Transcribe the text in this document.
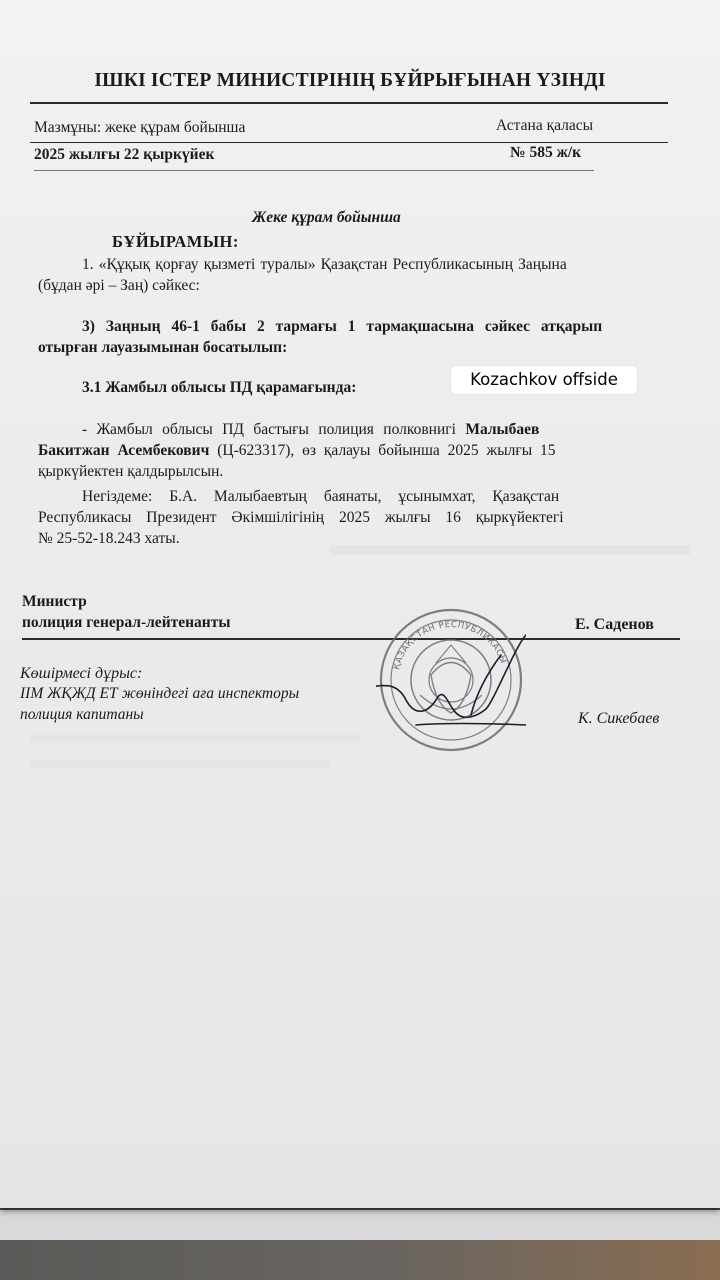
ІШКІ ІСТЕР МИНИСТІРІНІҢ БҰЙРЫҒЫНАН ҮЗІНДІ
Мазмұны: жеке құрам бойынша	Астана қаласы
2025 жылғы 22 қыркүйек	№ 585 ж/к
Жеке құрам бойынша
БҰЙЫРАМЫН:
1. «Құқық қорғау қызметі туралы» Қазақстан Республикасының Заңына
(бұдан әрі – Заң) сәйкес:
3) Заңның 46-1 бабы 2 тармағы 1 тармақшасына сәйкес атқарып
отырған лауазымынан босатылып:
3.1 Жамбыл облысы ПД қарамағында:
- Жамбыл облысы ПД бастығы полиция полковнигі Малыбаев
Бакитжан Асембекович (Ц-623317), өз қалауы бойынша 2025 жылғы 15
қыркүйектен қалдырылсын.
Негіздеме: Б.А. Малыбаевтың баянаты, ұсынымхат, Қазақстан
Республикасы Президент Әкімшілігінің 2025 жылғы 16 қыркүйектегі
№ 25-52-18.243 хаты.
Министр
полиция генерал-лейтенанты	Е. Саденов
Көшірмесі дұрыс:
ІІМ ЖҚЖД ЕТ жөніндегі аға инспекторы
полиция капитаны	К. Сикебаев
ҚАЗАҚСТАН РЕСПУБЛИКАСЫ
Kozachkov offside
